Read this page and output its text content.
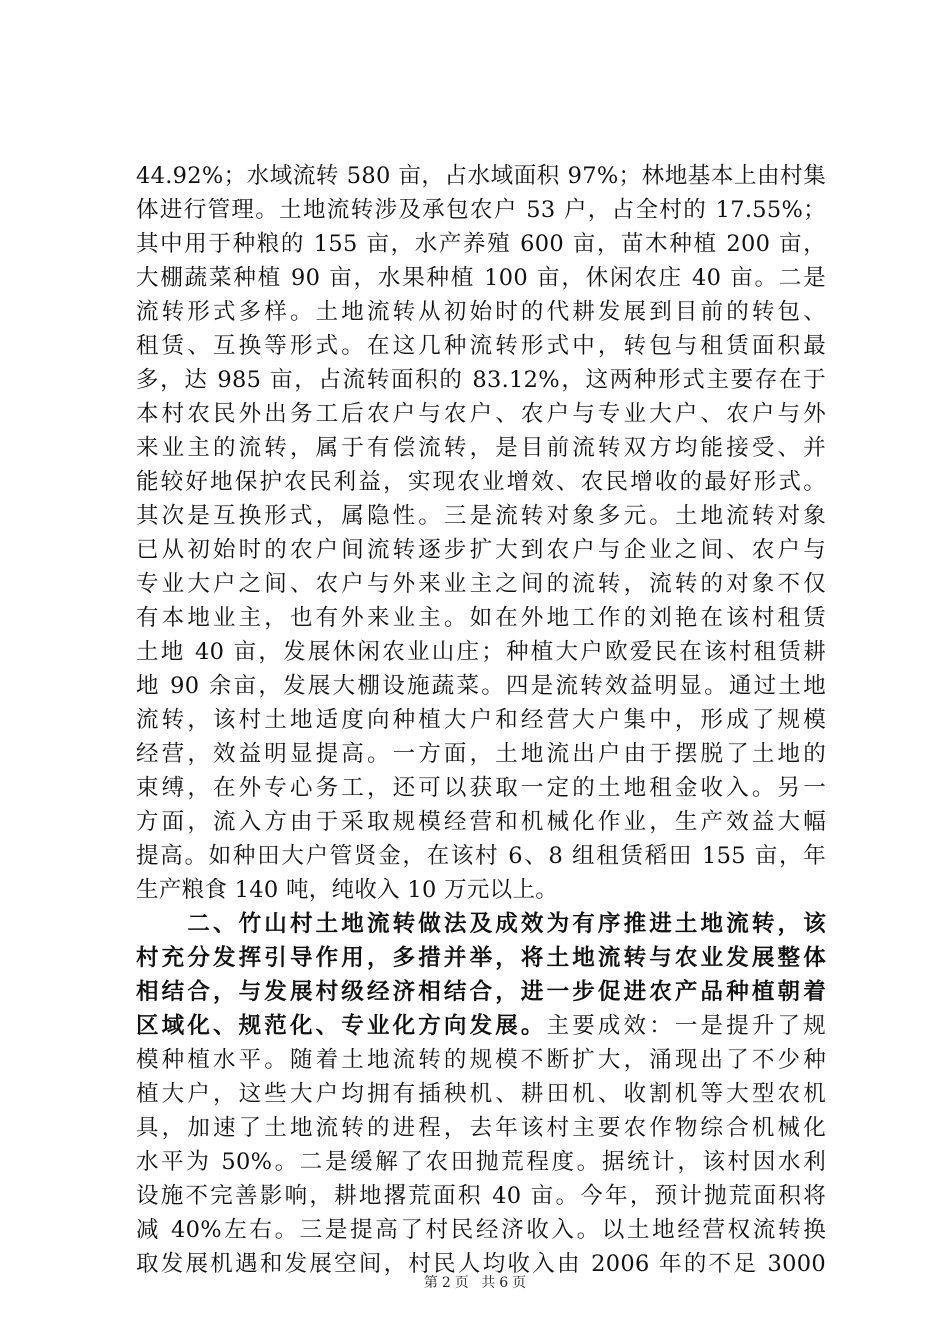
44.92%；水域流转 580 亩，占水域面积 97%；林地基本上由村集
体进行管理。土地流转涉及承包农户 53 户，占全村的 17.55%；
其中用于种粮的 155 亩，水产养殖 600 亩，苗木种植 200 亩，
大棚蔬菜种植 90 亩，水果种植 100 亩，休闲农庄 40 亩。二是
流转形式多样。土地流转从初始时的代耕发展到目前的转包、
租赁、互换等形式。在这几种流转形式中，转包与租赁面积最
多，达 985 亩，占流转面积的 83.12%，这两种形式主要存在于
本村农民外出务工后农户与农户、农户与专业大户、农户与外
来业主的流转，属于有偿流转，是目前流转双方均能接受、并
能较好地保护农民利益，实现农业增效、农民增收的最好形式。
其次是互换形式，属隐性。三是流转对象多元。土地流转对象
已从初始时的农户间流转逐步扩大到农户与企业之间、农户与
专业大户之间、农户与外来业主之间的流转，流转的对象不仅
有本地业主，也有外来业主。如在外地工作的刘艳在该村租赁
土地 40 亩，发展休闲农业山庄；种植大户欧爱民在该村租赁耕
地 90 余亩，发展大棚设施蔬菜。四是流转效益明显。通过土地
流转，该村土地适度向种植大户和经营大户集中，形成了规模
经营，效益明显提高。一方面，土地流出户由于摆脱了土地的
束缚，在外专心务工，还可以获取一定的土地租金收入。另一
方面，流入方由于采取规模经营和机械化作业，生产效益大幅
提高。如种田大户管贤金，在该村 6、8 组租赁稻田 155 亩，年
生产粮食 140 吨，纯收入 10 万元以上。
　　二、竹山村土地流转做法及成效为有序推进土地流转，该
村充分发挥引导作用，多措并举，将土地流转与农业发展整体
相结合，与发展村级经济相结合，进一步促进农产品种植朝着
区域化、规范化、专业化方向发展。主要成效：一是提升了规
模种植水平。随着土地流转的规模不断扩大，涌现出了不少种
植大户，这些大户均拥有插秧机、耕田机、收割机等大型农机
具，加速了土地流转的进程，去年该村主要农作物综合机械化
水平为 50%。二是缓解了农田抛荒程度。据统计，该村因水利
设施不完善影响，耕地撂荒面积 40 亩。今年，预计抛荒面积将
减 40%左右。三是提高了村民经济收入。以土地经营权流转换
取发展机遇和发展空间，村民人均收入由 2006 年的不足 3000
第 2 页 共 6 页
